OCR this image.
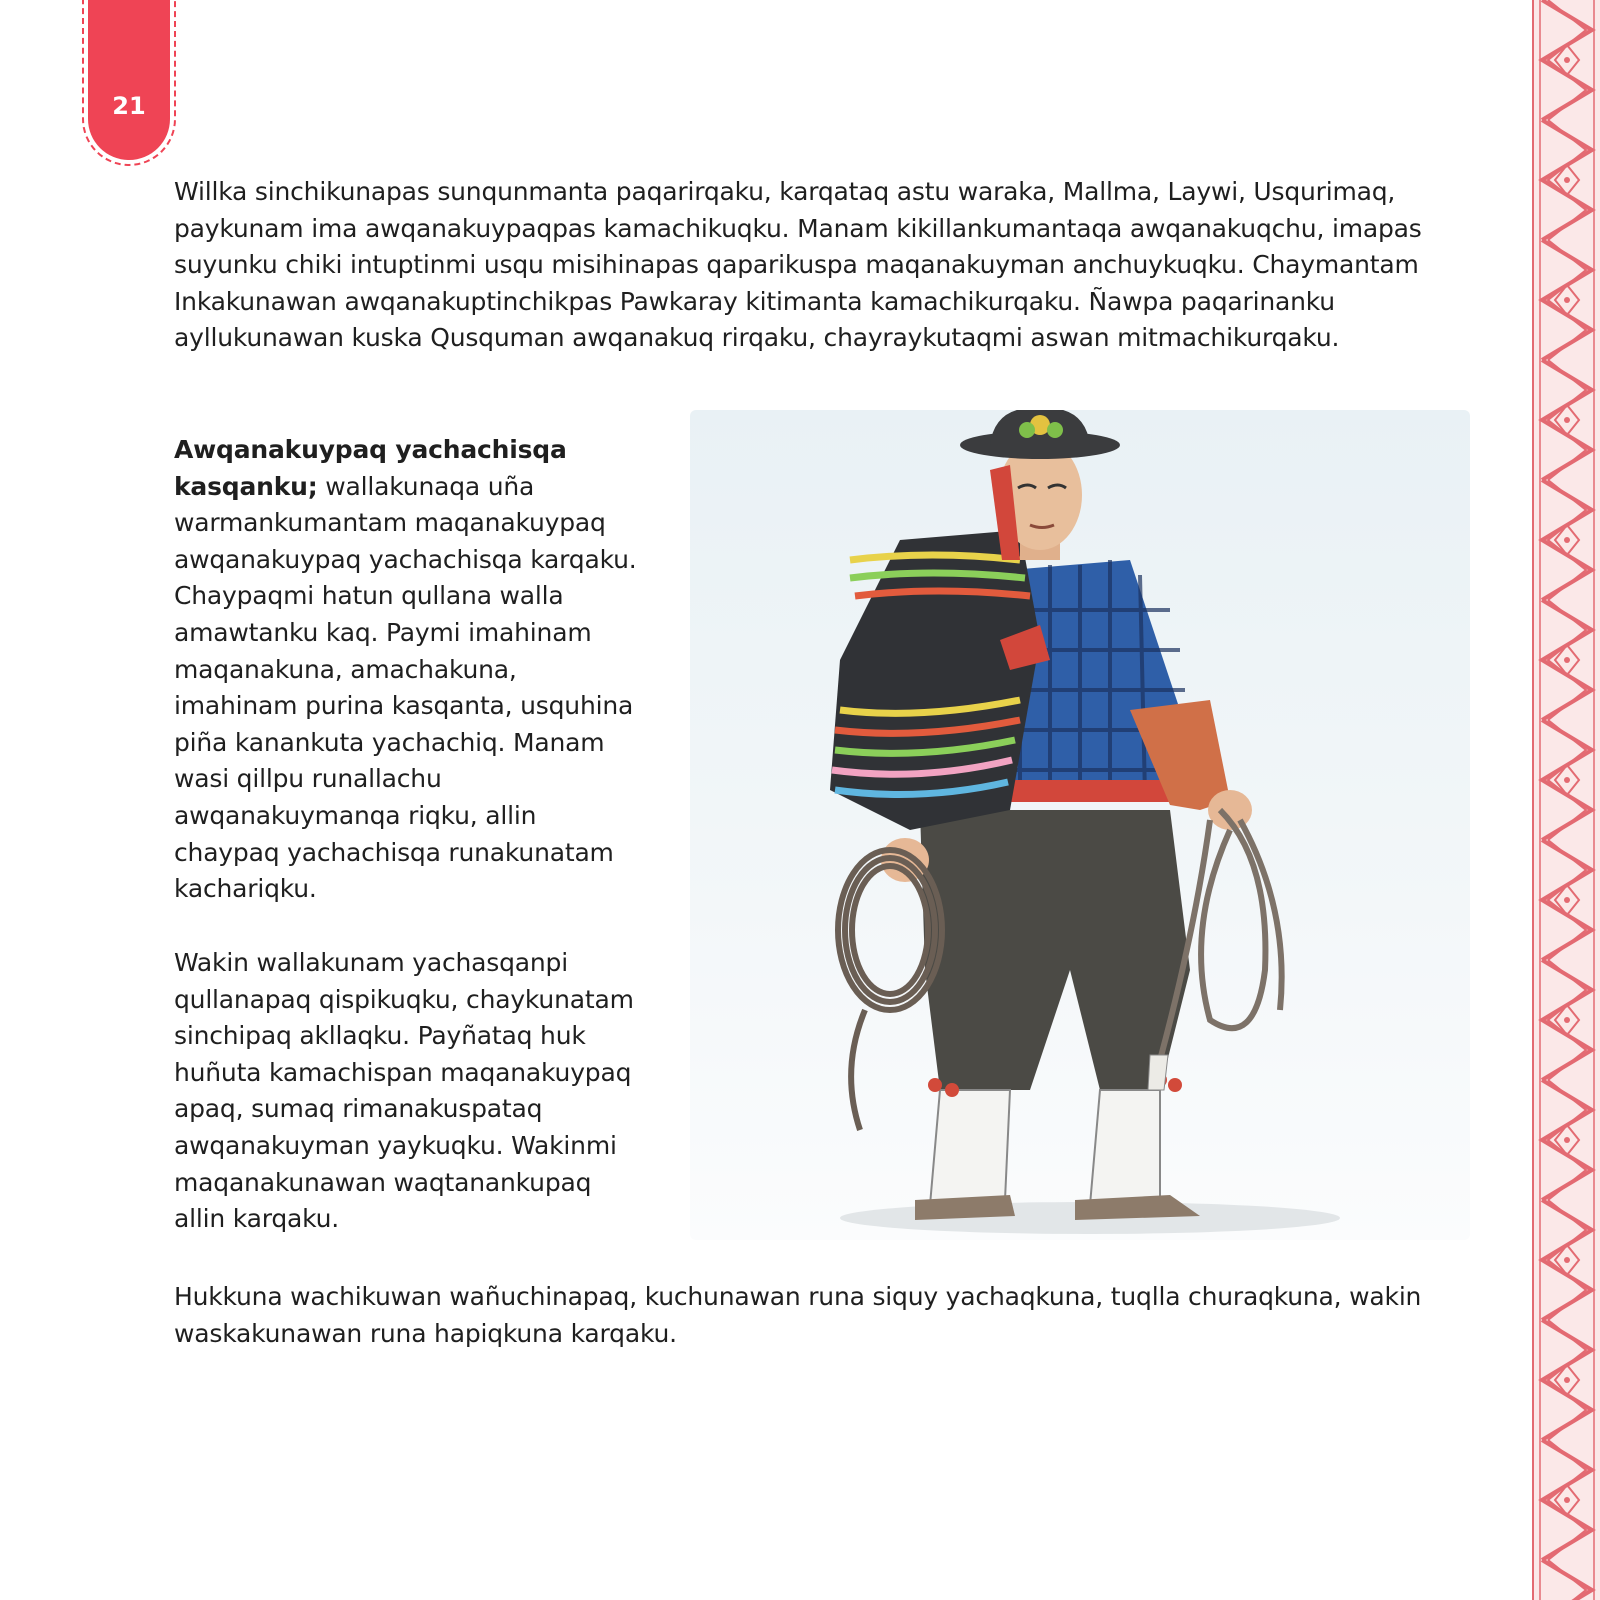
21
Willka sinchikunapas sunqunmanta paqarirqaku, karqataq astu waraka, Mallma, Laywi, Usqurimaq, paykunam ima awqanakuypaqpas kamachikuqku. Manam kikillankumantaqa awqanakuqchu, imapas suyunku chiki intuptinmi usqu misihinapas qaparikuspa maqanakuyman anchuykuqku. Chaymantam Inkakunawan awqanakuptinchikpas Pawkaray kitimanta kamachikurqaku. Ñawpa paqarinanku ayllukunawan kuska Qusquman awqanakuq rirqaku, chayraykutaqmi aswan mitmachikurqaku.
Awqanakuypaq yachachisqa kasqanku; wallakunaqa uña warmankumantam maqanakuypaq awqanakuypaq yachachisqa karqaku. Chaypaqmi hatun qullana walla amawtanku kaq. Paymi imahinam maqanakuna, amachakuna, imahinam purina kasqanta, usquhina piña kanankuta yachachiq. Manam wasi qillpu runallachu awqanakuymanqa riqku, allin chaypaq yachachisqa runakunatam kachariqku.
Wakin wallakunam yachasqanpi qullanapaq qispikuqku, chaykunatam sinchipaq akllaqku. Payñataq huk huñuta kamachispan maqanakuypaq apaq, sumaq rimanakuspataq awqanakuyman yaykuqku. Wakinmi maqanakunawan waqtanankupaq allin karqaku.
Hukkuna wachikuwan wañuchinapaq, kuchunawan runa siquy yachaqkuna, tuqlla churaqkuna, wakin waskakunawan runa hapiqkuna karqaku.
